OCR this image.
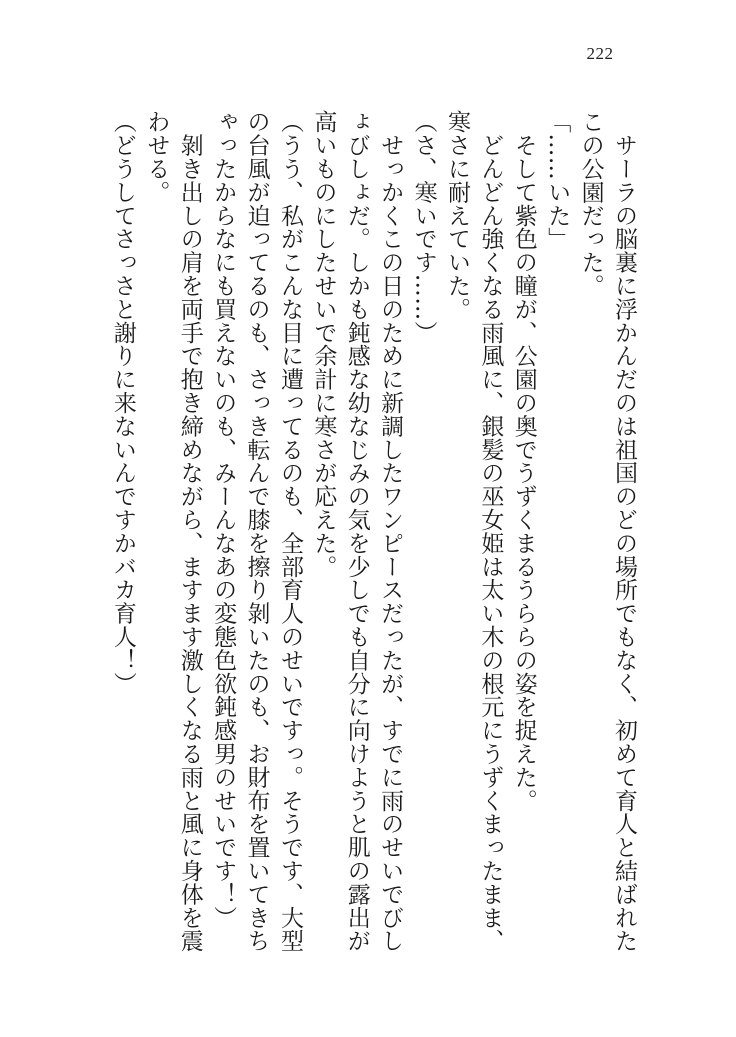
222

　サーラの脳裏に浮かんだのは祖国のどの場所でもなく、初めて育人と結ばれたこの公園だった。

「……いた」

　そして紫色の瞳が、公園の奥でうずくまるうららの姿を捉えた。

　どんどん強くなる雨風に、銀髪の巫女姫は太い木の根元にうずくまったまま、寒さに耐えていた。

（さ、寒いです……）

　せっかくこの日のために新調したワンピースだったが、すでに雨のせいでびしょびしょだ。しかも鈍感な幼なじみの気を少しでも自分に向けようと肌の露出が高いものにしたせいで余計に寒さが応えた。

（うう、私がこんな目に遭ってるのも、全部育人のせいですっ。そうです、大型の台風が迫ってるのも、さっき転んで膝を擦り剝いたのも、お財布を置いてきちゃったからなにも買えないのも、みーんなあの変態色欲鈍感男のせいです！）

　剝き出しの肩を両手で抱き締めながら、ますます激しくなる雨と風に身体を震わせる。

（どうしてさっさと謝りに来ないんですかバカ育人！）
